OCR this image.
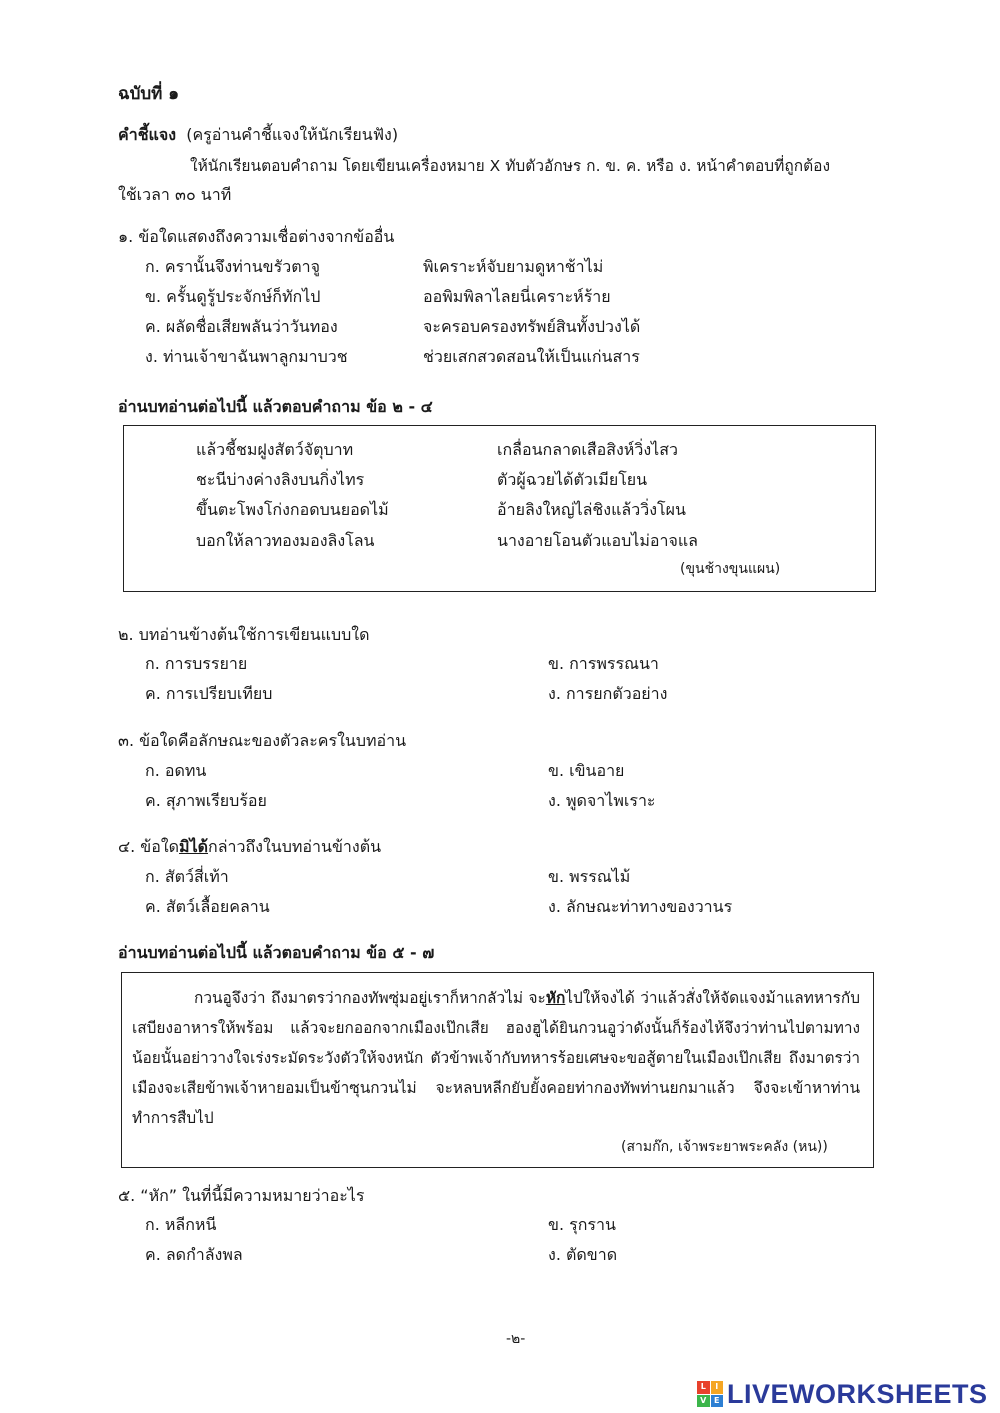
ฉบับที่ ๑
คำชี้แจง (ครูอ่านคำชี้แจงให้นักเรียนฟัง)
ให้นักเรียนตอบคำถาม โดยเขียนเครื่องหมาย X ทับตัวอักษร ก. ข. ค. หรือ ง. หน้าคำตอบที่ถูกต้อง
ใช้เวลา ๓๐ นาที
๑. ข้อใดแสดงถึงความเชื่อต่างจากข้ออื่น
ก. ครานั้นจึงท่านขรัวตาจู	พิเคราะห์จับยามดูหาช้าไม่
ข. ครั้นดูรู้ประจักษ์ก็ทักไป	ออพิมพิลาไลยนี่เคราะห์ร้าย
ค. ผลัดชื่อเสียพลันว่าวันทอง	จะครอบครองทรัพย์สินทั้งปวงได้
ง. ท่านเจ้าขาฉันพาลูกมาบวช	ช่วยเสกสวดสอนให้เป็นแก่นสาร
อ่านบทอ่านต่อไปนี้ แล้วตอบคำถาม ข้อ ๒ - ๔
แล้วชี้ชมฝูงสัตว์จัตุบาท	เกลื่อนกลาดเสือสิงห์วิ่งไสว
ชะนีบ่างค่างลิงบนกิ่งไทร	ตัวผู้ฉวยได้ตัวเมียโยน
ขึ้นตะโพงโก่งกอดบนยอดไม้	อ้ายลิงใหญ่ไล่ชิงแล้ววิ่งโผน
บอกให้ลาวทองมองลิงโลน	นางอายโอนตัวแอบไม่อาจแล
(ขุนช้างขุนแผน)
๒. บทอ่านข้างต้นใช้การเขียนแบบใด
ก. การบรรยาย	ข. การพรรณนา
ค. การเปรียบเทียบ	ง. การยกตัวอย่าง
๓. ข้อใดคือลักษณะของตัวละครในบทอ่าน
ก. อดทน	ข. เขินอาย
ค. สุภาพเรียบร้อย	ง. พูดจาไพเราะ
๔. ข้อใดมิได้กล่าวถึงในบทอ่านข้างต้น
ก. สัตว์สี่เท้า	ข. พรรณไม้
ค. สัตว์เลื้อยคลาน	ง. ลักษณะท่าทางของวานร
อ่านบทอ่านต่อไปนี้ แล้วตอบคำถาม ข้อ ๕ - ๗
กวนอูจึงว่า ถึงมาตรว่ากองทัพซุ่มอยู่เราก็หากลัวไม่ จะหักไปให้จงได้ ว่าแล้วสั่งให้จัดแจงม้าแลทหารกับเสบียงอาหารให้พร้อม แล้วจะยกออกจากเมืองเป๊กเสีย ฮองฮูได้ยินกวนอูว่าดังนั้นก็ร้องไห้จึงว่าท่านไปตามทางน้อยนั้นอย่าวางใจเร่งระมัดระวังตัวให้จงหนัก ตัวข้าพเจ้ากับทหารร้อยเศษจะขอสู้ตายในเมืองเป๊กเสีย ถึงมาตรว่าเมืองจะเสียข้าพเจ้าหายอมเป็นข้าซุนกวนไม่ จะหลบหลีกยับยั้งคอยท่ากองทัพท่านยกมาแล้ว จึงจะเข้าหาท่านทำการสืบไป
(สามก๊ก, เจ้าพระยาพระคลัง (หน))
๕. “หัก” ในที่นี้มีความหมายว่าอะไร
ก. หลีกหนี	ข. รุกราน
ค. ลดกำลังพล	ง. ตัดขาด
-๒-
L	I
V E LIVEWORKSHEETS
